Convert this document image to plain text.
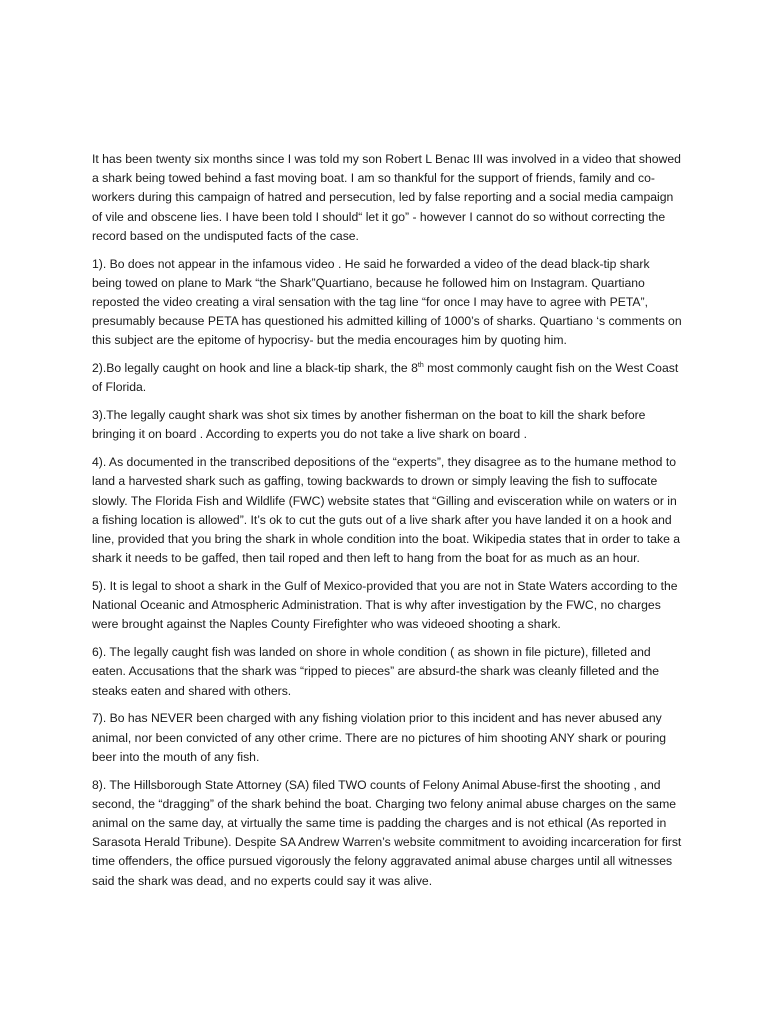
It has been twenty six months since I was told my son Robert L Benac III was involved in a video that showed a shark being towed behind a fast moving boat. I am so thankful for the support of friends, family and co- workers during this campaign of hatred and persecution, led by false reporting and a social media campaign of vile and obscene lies. I have been told I should“ let it go” - however I cannot do so without correcting the record based on the undisputed facts of the case.

1). Bo does not appear in the infamous video . He said he forwarded a video of the dead black-tip shark being towed on plane to Mark “the Shark”Quartiano, because he followed him on Instagram. Quartiano reposted the video creating a viral sensation with the tag line “for once I may have to agree with PETA”, presumably because PETA has questioned his admitted killing of 1000’s of sharks. Quartiano ‘s comments on this subject are the epitome of hypocrisy- but the media encourages him by quoting him.

2).Bo legally caught on hook and line a black-tip shark, the 8th most commonly caught fish on the West Coast of Florida.

3).The legally caught shark was shot six times by another fisherman on the boat to kill the shark before bringing it on board . According to experts you do not take a live shark on board .

4). As documented in the transcribed depositions of the “experts”, they disagree as to the humane method to land a harvested shark such as gaffing, towing backwards to drown or simply leaving the fish to suffocate slowly. The Florida Fish and Wildlife (FWC) website states that “Gilling and evisceration while on waters or in a fishing location is allowed”. It’s ok to cut the guts out of a live shark after you have landed it on a hook and line, provided that you bring the shark in whole condition into the boat. Wikipedia states that in order to take a shark it needs to be gaffed, then tail roped and then left to hang from the boat for as much as an hour.

5). It is legal to shoot a shark in the Gulf of Mexico-provided that you are not in State Waters according to the National Oceanic and Atmospheric Administration. That is why after investigation by the FWC, no charges were brought against the Naples County Firefighter who was videoed shooting a shark.

6). The legally caught fish was landed on shore in whole condition ( as shown in file picture), filleted and eaten. Accusations that the shark was “ripped to pieces” are absurd-the shark was cleanly filleted and the steaks eaten and shared with others.

7). Bo has NEVER been charged with any fishing violation prior to this incident and has never abused any animal, nor been convicted of any other crime. There are no pictures of him shooting ANY shark or pouring beer into the mouth of any fish.

8). The Hillsborough State Attorney (SA) filed TWO counts of Felony Animal Abuse-first the shooting , and second, the “dragging” of the shark behind the boat. Charging two felony animal abuse charges on the same animal on the same day, at virtually the same time is padding the charges and is not ethical (As reported in Sarasota Herald Tribune). Despite SA Andrew Warren’s website commitment to avoiding incarceration for first time offenders, the office pursued vigorously the felony aggravated animal abuse charges until all witnesses said the shark was dead, and no experts could say it was alive.
